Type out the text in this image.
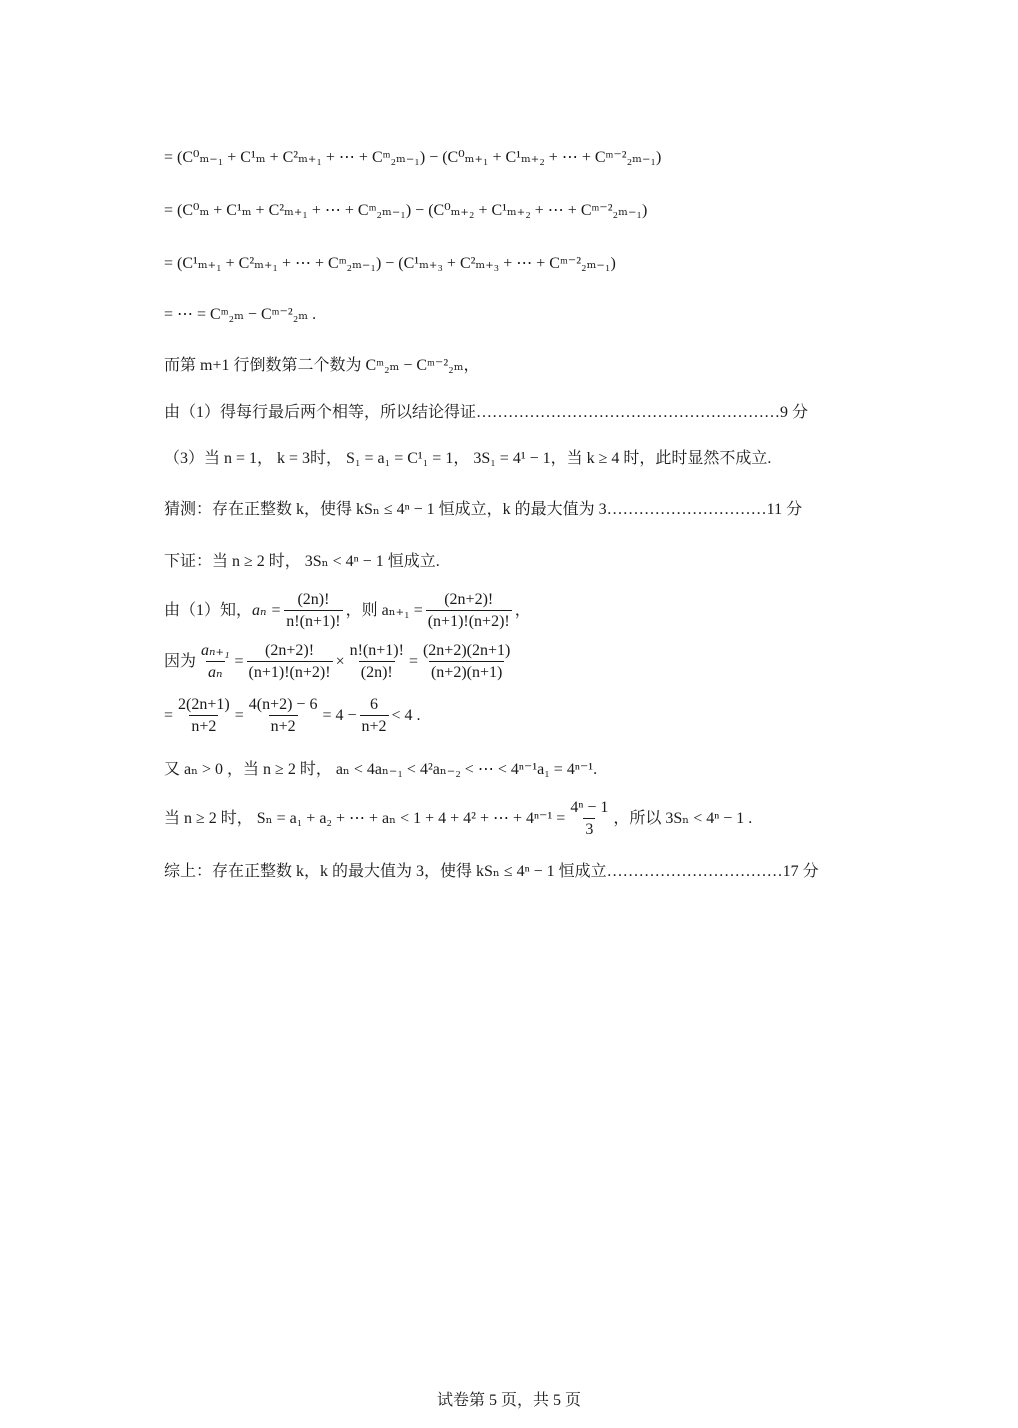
= (C⁰ₘ₋₁ + C¹ₘ + C²ₘ₊₁ + ⋯ + Cᵐ₂ₘ₋₁) − (C⁰ₘ₊₁ + C¹ₘ₊₂ + ⋯ + Cᵐ⁻²₂ₘ₋₁)
= (C⁰ₘ + C¹ₘ + C²ₘ₊₁ + ⋯ + Cᵐ₂ₘ₋₁) − (C⁰ₘ₊₂ + C¹ₘ₊₂ + ⋯ + Cᵐ⁻²₂ₘ₋₁)
= (C¹ₘ₊₁ + C²ₘ₊₁ + ⋯ + Cᵐ₂ₘ₋₁) − (C¹ₘ₊₃ + C²ₘ₊₃ + ⋯ + Cᵐ⁻²₂ₘ₋₁)
= ⋯ = Cᵐ₂ₘ − Cᵐ⁻²₂ₘ .
而第 m+1 行倒数第二个数为 Cᵐ₂ₘ − Cᵐ⁻²₂ₘ，
由（1）得每行最后两个相等，所以结论得证…………………………………………………9 分
（3）当 n = 1， k = 3时， S₁ = a₁ = C¹₁ = 1， 3S₁ = 4¹ − 1，当 k ≥ 4 时，此时显然不成立.
猜测：存在正整数 k，使得 kSₙ ≤ 4ⁿ − 1 恒成立，k 的最大值为 3…………………………11 分
下证：当 n ≥ 2 时， 3Sₙ < 4ⁿ − 1 恒成立.
由（1）知， $a_n = \frac{(2n)!}{n!(n+1)!}$ ，则 $a_{n+1} = \frac{(2n+2)!}{(n+1)!(n+2)!}$ ，
因为 $\frac{\text{aₙ₊₁}}{\text{aₙ}} = \frac{(2n+2)!}{(n+1)!(n+2)!} \times \frac{n!(n+1)!}{(2n)!} = \frac{(2n+2)(2n+1)}{(n+2)(n+1)}$
= $\frac{2(2n+1)}{n+2} = \frac{4(n+2) - 6}{n+2} = 4 - \frac{6}{n+2} < 4$ .
又 aₙ > 0 ，当 n ≥ 2 时， aₙ < 4aₙ₋₁ < 4²aₙ₋₂ < ⋯ < 4ⁿ⁻¹a₁ = 4ⁿ⁻¹.
当 n ≥ 2 时， Sₙ = a₁ + a₂ + ⋯ + aₙ < 1 + 4 + 4² + ⋯ + $4^{n-1} = \frac{\text{4ⁿ − 1}}{3}$ ，所以 3Sₙ < 4ⁿ − 1 .
综上：存在正整数 k，k 的最大值为 3，使得 kSₙ ≤ 4ⁿ − 1 恒成立……………………………17 分
试卷第 5 页，共 5 页
